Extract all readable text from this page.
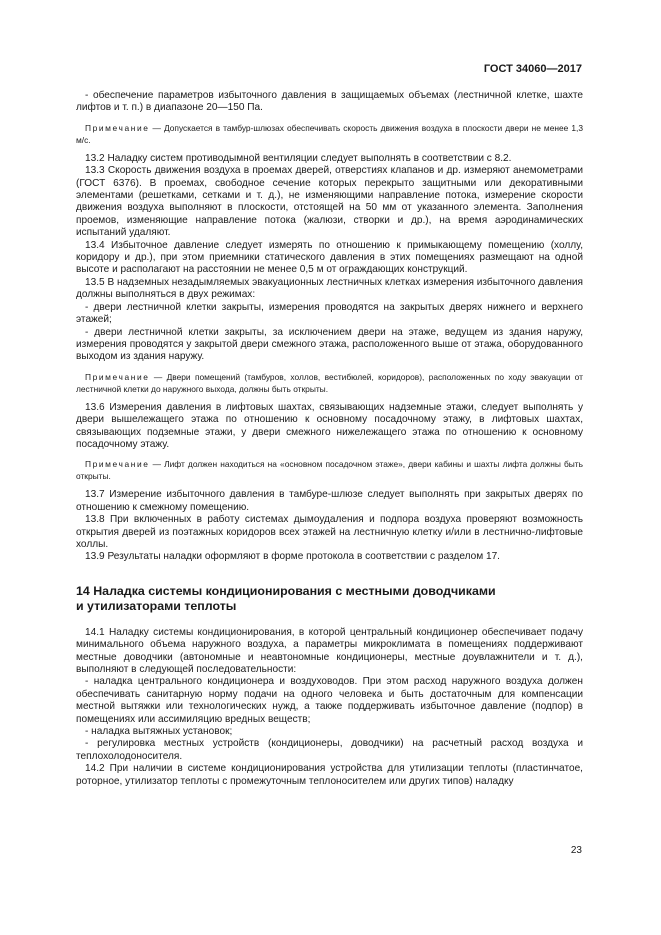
ГОСТ 34060—2017

- обеспечение параметров избыточного давления в защищаемых объемах (лестничной клетке, шахте лифтов и т. п.) в диапазоне 20—150 Па.

Примечание — Допускается в тамбур-шлюзах обеспечивать скорость движения воздуха в плоскости двери не менее 1,3 м/с.

13.2 Наладку систем противодымной вентиляции следует выполнять в соответствии с 8.2.

13.3 Скорость движения воздуха в проемах дверей, отверстиях клапанов и др. измеряют анемометрами (ГОСТ 6376). В проемах, свободное сечение которых перекрыто защитными или декоративными элементами (решетками, сетками и т. д.), не изменяющими направление потока, измерение скорости движения воздуха выполняют в плоскости, отстоящей на 50 мм от указанного элемента. Заполнения проемов, изменяющие направление потока (жалюзи, створки и др.), на время аэродинамических испытаний удаляют.

13.4 Избыточное давление следует измерять по отношению к примыкающему помещению (холлу, коридору и др.), при этом приемники статического давления в этих помещениях размещают на одной высоте и располагают на расстоянии не менее 0,5 м от ограждающих конструкций.

13.5 В надземных незадымляемых эвакуационных лестничных клетках измерения избыточного давления должны выполняться в двух режимах:

- двери лестничной клетки закрыты, измерения проводятся на закрытых дверях нижнего и верхнего этажей;

- двери лестничной клетки закрыты, за исключением двери на этаже, ведущем из здания наружу, измерения проводятся у закрытой двери смежного этажа, расположенного выше от этажа, оборудованного выходом из здания наружу.

Примечание — Двери помещений (тамбуров, холлов, вестибюлей, коридоров), расположенных по ходу эвакуации от лестничной клетки до наружного выхода, должны быть открыты.

13.6 Измерения давления в лифтовых шахтах, связывающих надземные этажи, следует выполнять у двери вышележащего этажа по отношению к основному посадочному этажу, в лифтовых шахтах, связывающих подземные этажи, у двери смежного нижележащего этажа по отношению к основному посадочному этажу.

Примечание — Лифт должен находиться на «основном посадочном этаже», двери кабины и шахты лифта должны быть открыты.

13.7 Измерение избыточного давления в тамбуре-шлюзе следует выполнять при закрытых дверях по отношению к смежному помещению.

13.8 При включенных в работу системах дымоудаления и подпора воздуха проверяют возможность открытия дверей из поэтажных коридоров всех этажей на лестничную клетку и/или в лестнично-лифтовые холлы.

13.9 Результаты наладки оформляют в форме протокола в соответствии с разделом 17.

14 Наладка системы кондиционирования с местными доводчиками
и утилизаторами теплоты

14.1 Наладку системы кондиционирования, в которой центральный кондиционер обеспечивает подачу минимального объема наружного воздуха, а параметры микроклимата в помещениях поддерживают местные доводчики (автономные и неавтономные кондиционеры, местные доувлажнители и т. д.), выполняют в следующей последовательности:

- наладка центрального кондиционера и воздуховодов. При этом расход наружного воздуха должен обеспечивать санитарную норму подачи на одного человека и быть достаточным для компенсации местной вытяжки или технологических нужд, а также поддерживать избыточное давление (подпор) в помещениях или ассимиляцию вредных веществ;

- наладка вытяжных установок;

- регулировка местных устройств (кондиционеры, доводчики) на расчетный расход воздуха и теплохолодоносителя.

14.2 При наличии в системе кондиционирования устройства для утилизации теплоты (пластинчатое, роторное, утилизатор теплоты с промежуточным теплоносителем или других типов) наладку

23
